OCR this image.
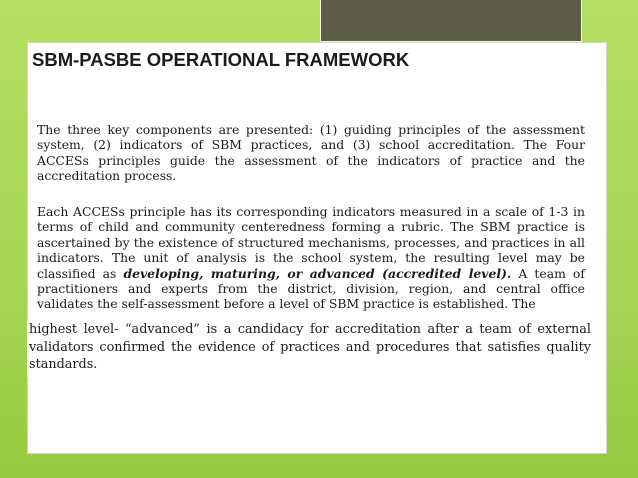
SBM-PASBE OPERATIONAL FRAMEWORK

The three key components are presented: (1) guiding principles of the assessment system, (2) indicators of SBM practices, and (3) school accreditation. The Four ACCESs principles guide the assessment of the indicators of practice and the accreditation process.

Each ACCESs principle has its corresponding indicators measured in a scale of 1-3 in terms of child and community centeredness forming a rubric. The SBM practice is ascertained by the existence of structured mechanisms, processes, and practices in all indicators. The unit of analysis is the school system, the resulting level may be classified as developing, maturing, or advanced (accredited level). A team of practitioners and experts from the district, division, region, and central office validates the self-assessment before a level of SBM practice is established. The

highest level- “advanced” is a candidacy for accreditation after a team of external validators confirmed the evidence of practices and procedures that satisfies quality standards.
